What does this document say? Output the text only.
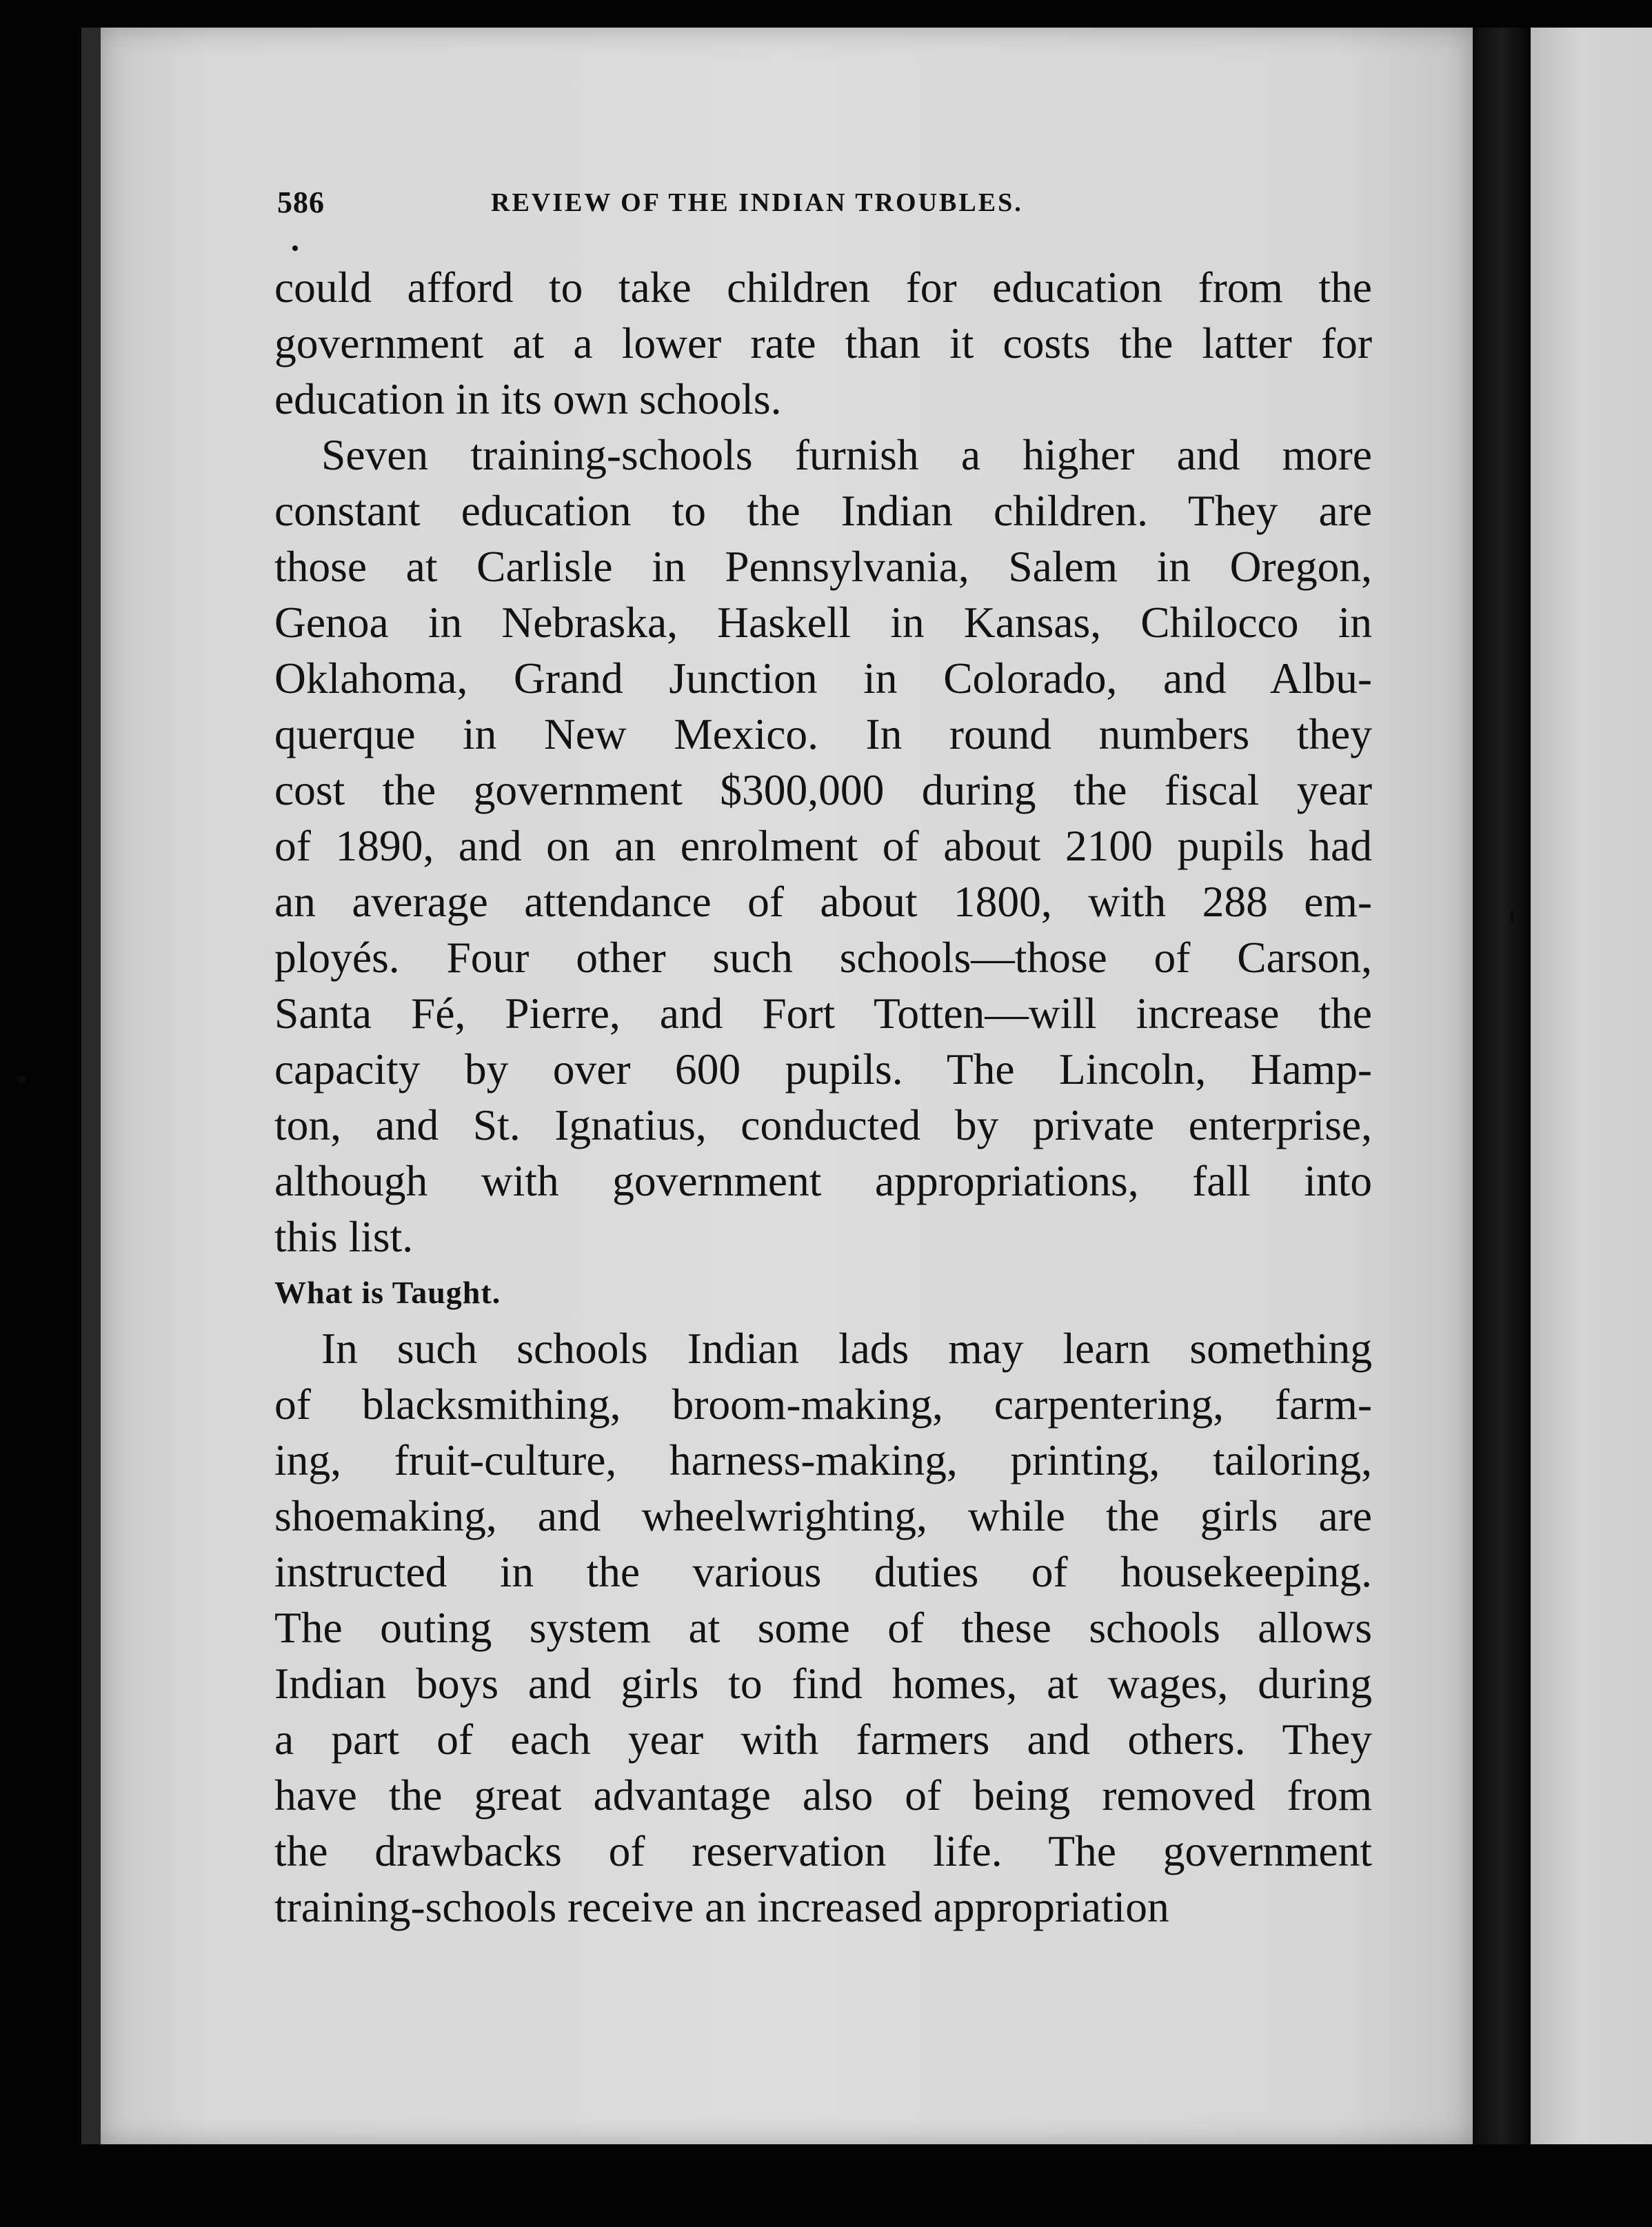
586	REVIEW OF THE INDIAN TROUBLES.
could afford to take children for education from the
government at a lower rate than it costs the latter for
education in its own schools.
Seven training-schools furnish a higher and more
constant education to the Indian children. They are
those at Carlisle in Pennsylvania, Salem in Oregon,
Genoa in Nebraska, Haskell in Kansas, Chilocco in
Oklahoma, Grand Junction in Colorado, and Albu-
querque in New Mexico. In round numbers they
cost the government $300,000 during the fiscal year
of 1890, and on an enrolment of about 2100 pupils had
an average attendance of about 1800, with 288 em-
ployés. Four other such schools—those of Carson,
Santa Fé, Pierre, and Fort Totten—will increase the
capacity by over 600 pupils. The Lincoln, Hamp-
ton, and St. Ignatius, conducted by private enterprise,
although with government appropriations, fall into
this list.
What is Taught.
In such schools Indian lads may learn something
of blacksmithing, broom-making, carpentering, farm-
ing, fruit-culture, harness-making, printing, tailoring,
shoemaking, and wheelwrighting, while the girls are
instructed in the various duties of housekeeping.
The outing system at some of these schools allows
Indian boys and girls to find homes, at wages, during
a part of each year with farmers and others. They
have the great advantage also of being removed from
the drawbacks of reservation life. The government
training-schools receive an increased appropriation
